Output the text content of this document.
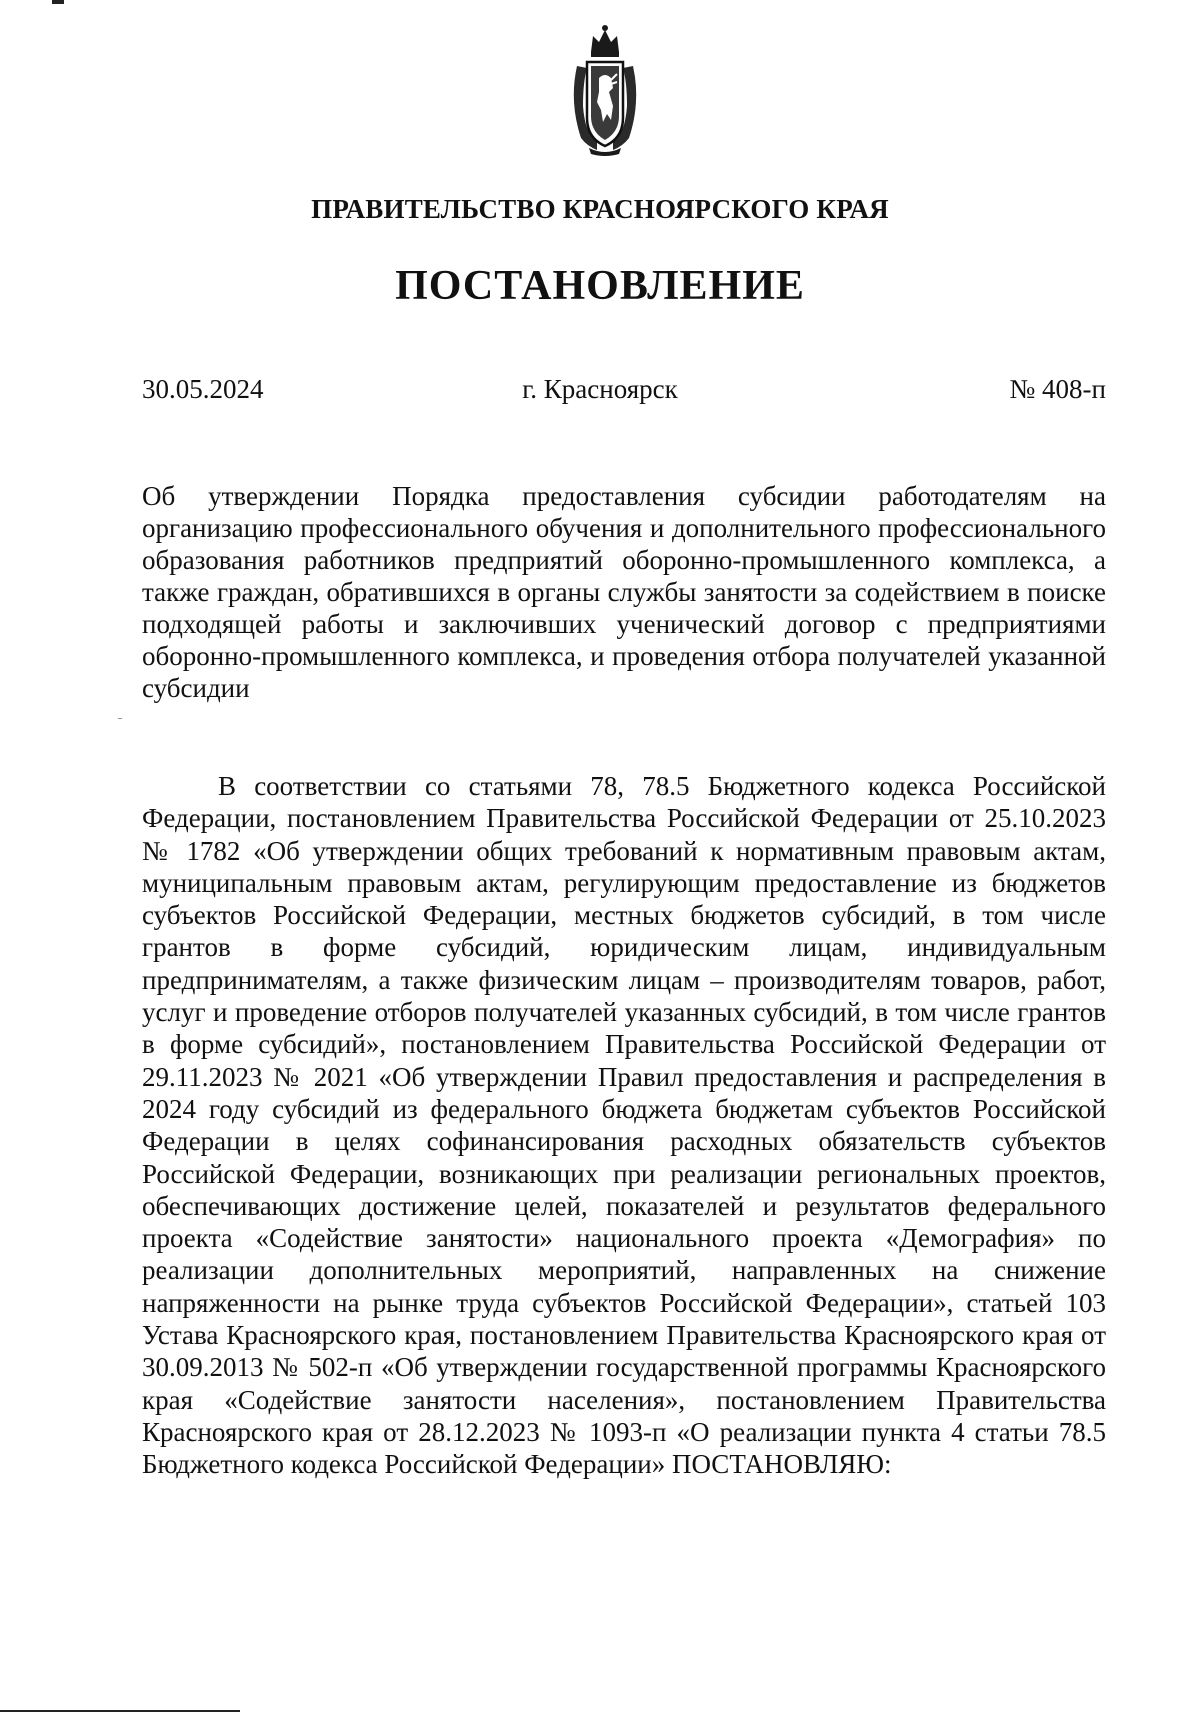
ПРАВИТЕЛЬСТВО КРАСНОЯРСКОГО КРАЯ
ПОСТАНОВЛЕНИЕ
30.05.2024	г. Красноярск	№ 408-п
Об утверждении Порядка предоставления субсидии работодателям на организацию профессионального обучения и дополнительного профессионального образования работников предприятий оборонно-промышленного комплекса, а также граждан, обратившихся в органы службы занятости за содействием в поиске подходящей работы и заключивших ученический договор с предприятиями оборонно-промышленного комплекса, и проведения отбора получателей указанной субсидии
В соответствии со статьями 78, 78.5 Бюджетного кодекса Российской Федерации, постановлением Правительства Российской Федерации от 25.10.2023 № 1782 «Об утверждении общих требований к нормативным правовым актам, муниципальным правовым актам, регулирующим предоставление из бюджетов субъектов Российской Федерации, местных бюджетов субсидий, в том числе грантов в форме субсидий, юридическим лицам, индивидуальным предпринимателям, а также физическим лицам – производителям товаров, работ, услуг и проведение отборов получателей указанных субсидий, в том числе грантов в форме субсидий», постановлением Правительства Российской Федерации от 29.11.2023 № 2021 «Об утверждении Правил предоставления и распределения в 2024 году субсидий из федерального бюджета бюджетам субъектов Российской Федерации в целях софинансирования расходных обязательств субъектов Российской Федерации, возникающих при реализации региональных проектов, обеспечивающих достижение целей, показателей и результатов федерального проекта «Содействие занятости» национального проекта «Демография» по реализации дополнительных мероприятий, направленных на снижение напряженности на рынке труда субъектов Российской Федерации», статьей 103 Устава Красноярского края, постановлением Правительства Красноярского края от 30.09.2013 № 502-п «Об утверждении государственной программы Красноярского края «Содействие занятости населения», постановлением Правительства Красноярского края от 28.12.2023 № 1093-п «О реализации пункта 4 статьи 78.5 Бюджетного кодекса Российской Федерации» ПОСТАНОВЛЯЮ:
